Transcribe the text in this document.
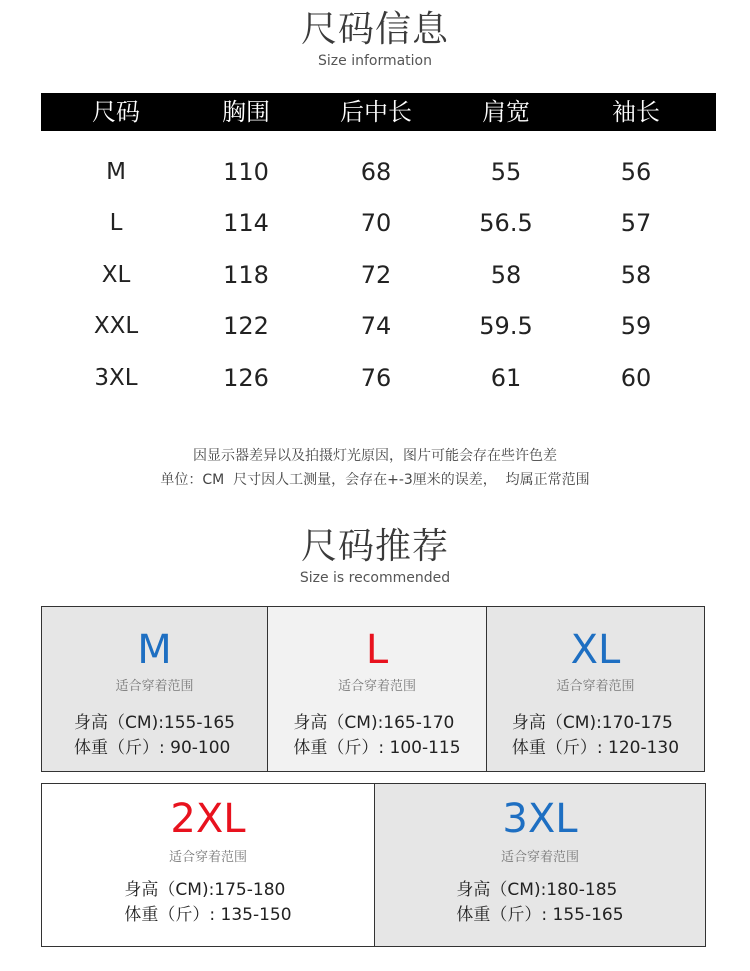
尺码信息
Size information
尺码	胸围	后中长	肩宽	袖长
M	110	68	55	56
L	114	70	56.5	57
XL	118	72	58	58
XXL	122	74	59.5	59
3XL	126	76	61	60
因显示器差异以及拍摄灯光原因，图片可能会存在些许色差
单位：CM  尺寸因人工测量，会存在+-3厘米的误差，  均属正常范围
尺码推荐
Size is recommended
M
适合穿着范围
身高（CM):155-165
体重（斤）: 90-100
L
适合穿着范围
身高（CM):165-170
体重（斤）: 100-115
XL
适合穿着范围
身高（CM):170-175
体重（斤）: 120-130
2XL
适合穿着范围
身高（CM):175-180
体重（斤）: 135-150
3XL
适合穿着范围
身高（CM):180-185
体重（斤）: 155-165
